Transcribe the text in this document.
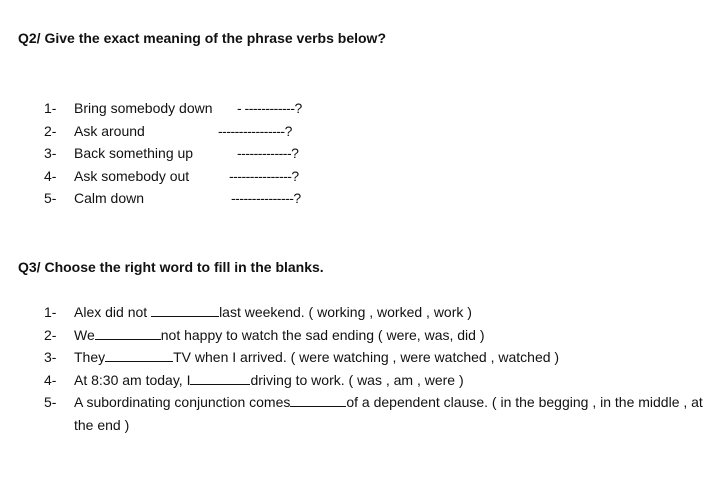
Q2/ Give the exact meaning of the phrase verbs below?
1- Bring somebody down - ------------?
2- Ask around	----------------?
3- Back something up	-------------?
4- Ask somebody out	---------------?
5- Calm down	---------------?
Q3/ Choose the right word to fill in the blanks.
1-	Alex did not	last weekend. ( working , worked , work )
2-	We	not happy to watch the sad ending ( were, was, did )
3-	They	TV when I arrived. ( were watching , were watched , watched )
4-	At 8:30 am today, I	driving to work. ( was , am , were )
5-	A subordinating conjunction comes	of a dependent clause. ( in the begging , in the middle , at the end )
